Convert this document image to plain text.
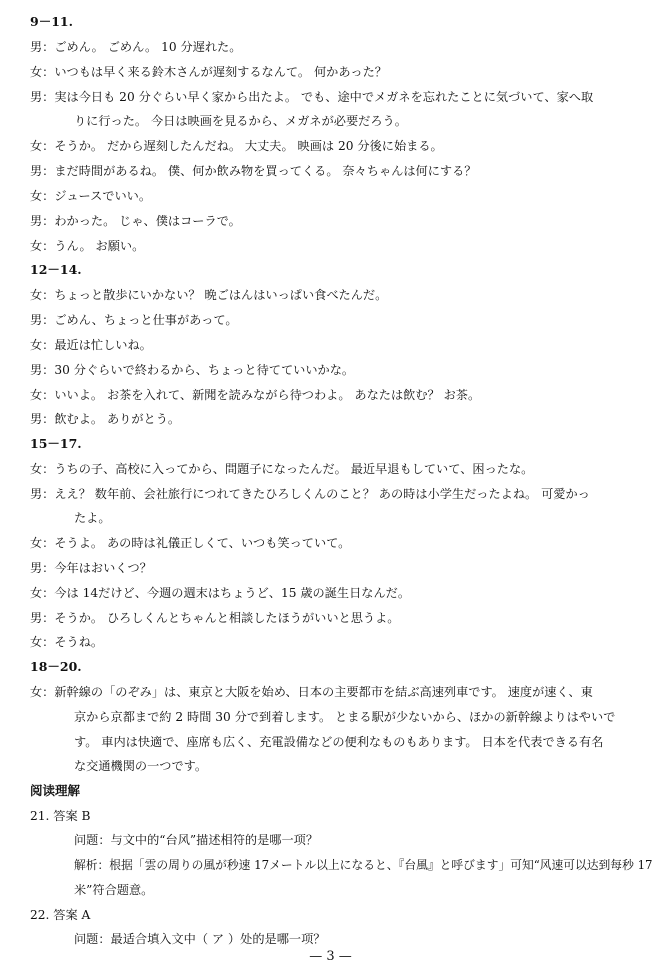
9－11.
男：ごめん。 ごめん。 10 分遅れた。
女：いつもは早く来る鈴木さんが遅刻するなんて。 何かあった？
男：実は今日も 20 分ぐらい早く家から出たよ。 でも、途中でメガネを忘れたことに気づいて、家へ取
りに行った。 今日は映画を見るから、メガネが必要だろう。
女：そうか。 だから遅刻したんだね。 大丈夫。 映画は 20 分後に始まる。
男：まだ時間があるね。 僕、何か飲み物を買ってくる。 奈々ちゃんは何にする？
女：ジュースでいい。
男：わかった。 じゃ、僕はコーラで。
女：うん。 お願い。
12－14.
女：ちょっと散歩にいかない？ 晩ごはんはいっぱい食べたんだ。
男：ごめん、ちょっと仕事があって。
女：最近は忙しいね。
男：30 分ぐらいで終わるから、ちょっと待てていいかな。
女：いいよ。 お茶を入れて、新聞を読みながら待つわよ。 あなたは飲む？ お茶。
男：飲むよ。 ありがとう。
15－17.
女：うちの子、高校に入ってから、問題子になったんだ。 最近早退もしていて、困ったな。
男：ええ？ 数年前、会社旅行につれてきたひろしくんのこと？ あの時は小学生だったよね。 可愛かっ
たよ。
女：そうよ。 あの時は礼儀正しくて、いつも笑っていて。
男：今年はおいくつ？
女：今は 14だけど、今週の週末はちょうど、15 歳の誕生日なんだ。
男：そうか。 ひろしくんとちゃんと相談したほうがいいと思うよ。
女：そうね。
18－20.
女：新幹線の「のぞみ」は、東京と大阪を始め、日本の主要都市を結ぶ高速列車です。 速度が速く、東
京から京都まで約 2 時間 30 分で到着します。 とまる駅が少ないから、ほかの新幹線よりはやいで
す。 車内は快適で、座席も広く、充電設備などの便利なものもあります。 日本を代表できる有名
な交通機関の一つです。
阅读理解
21. 答案 B
问题：与文中的“台风”描述相符的是哪一项？
解析：根据「雲の周りの風が秒速 17メートル以上になると、『台風』と呼びます」可知“风速可以达到每秒 17
米”符合题意。
22. 答案 A
问题：最适合填入文中（ ア ）处的是哪一项？
— 3 —
